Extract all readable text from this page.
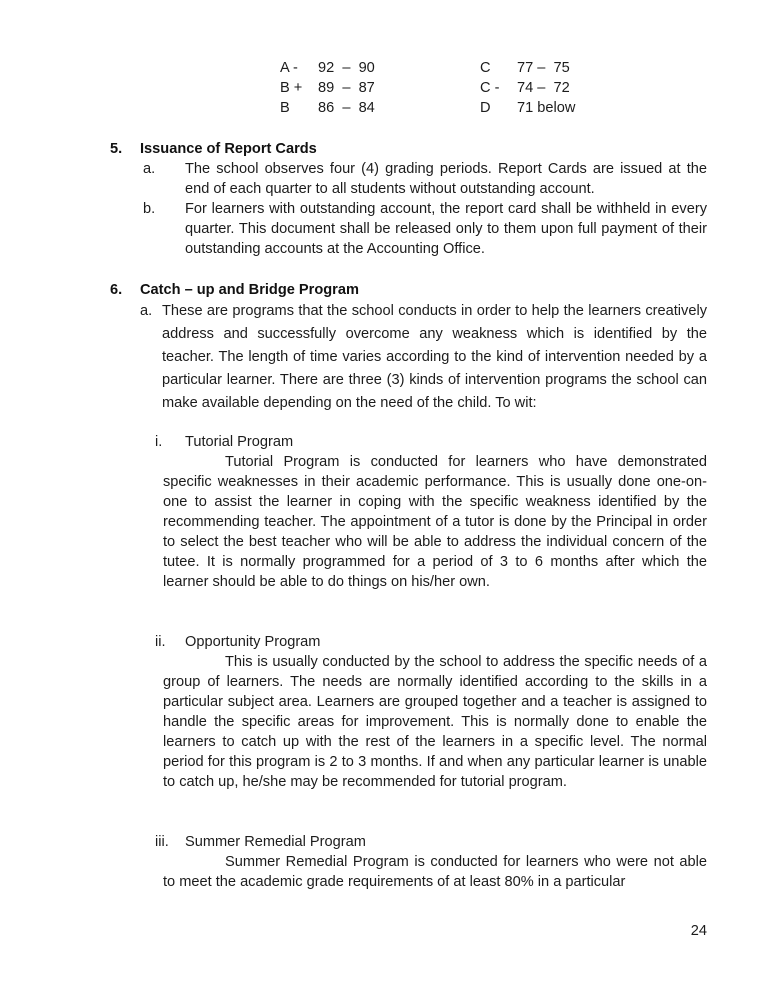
A -	92  –  90	C	77 –  75
B +	89  –  87	C -	74 –  72
B	86  –  84	D	71 below
5.	Issuance of Report Cards
a.	The school observes four (4) grading periods. Report Cards are issued at the end of each quarter to all students without outstanding account.
b.	For learners with outstanding account, the report card shall be withheld in every quarter. This document shall be released only to them upon full payment of their outstanding accounts at the Accounting Office.
6.	Catch – up and Bridge Program
a. These are programs that the school conducts in order to help the learners creatively address and successfully overcome any weakness which is identified by the teacher. The length of time varies according to the kind of intervention needed by a particular learner. There are three (3) kinds of intervention programs the school can make available depending on the need of the child. To wit:
i.	Tutorial Program
Tutorial Program is conducted for learners who have demonstrated specific weaknesses in their academic performance. This is usually done one-on-one to assist the learner in coping with the specific weakness identified by the recommending teacher. The appointment of a tutor is done by the Principal in order to select the best teacher who will be able to address the individual concern of the tutee. It is normally programmed for a period of 3 to 6 months after which the learner should be able to do things on his/her own.
ii.	Opportunity Program
This is usually conducted by the school to address the specific needs of a group of learners. The needs are normally identified according to the skills in a particular subject area. Learners are grouped together and a teacher is assigned to handle the specific areas for improvement. This is normally done to enable the learners to catch up with the rest of the learners in a specific level. The normal period for this program is 2 to 3 months. If and when any particular learner is unable to catch up, he/she may be recommended for tutorial program.
iii.	Summer Remedial Program
Summer Remedial Program is conducted for learners who were not able to meet the academic grade requirements of at least 80% in a particular
24
